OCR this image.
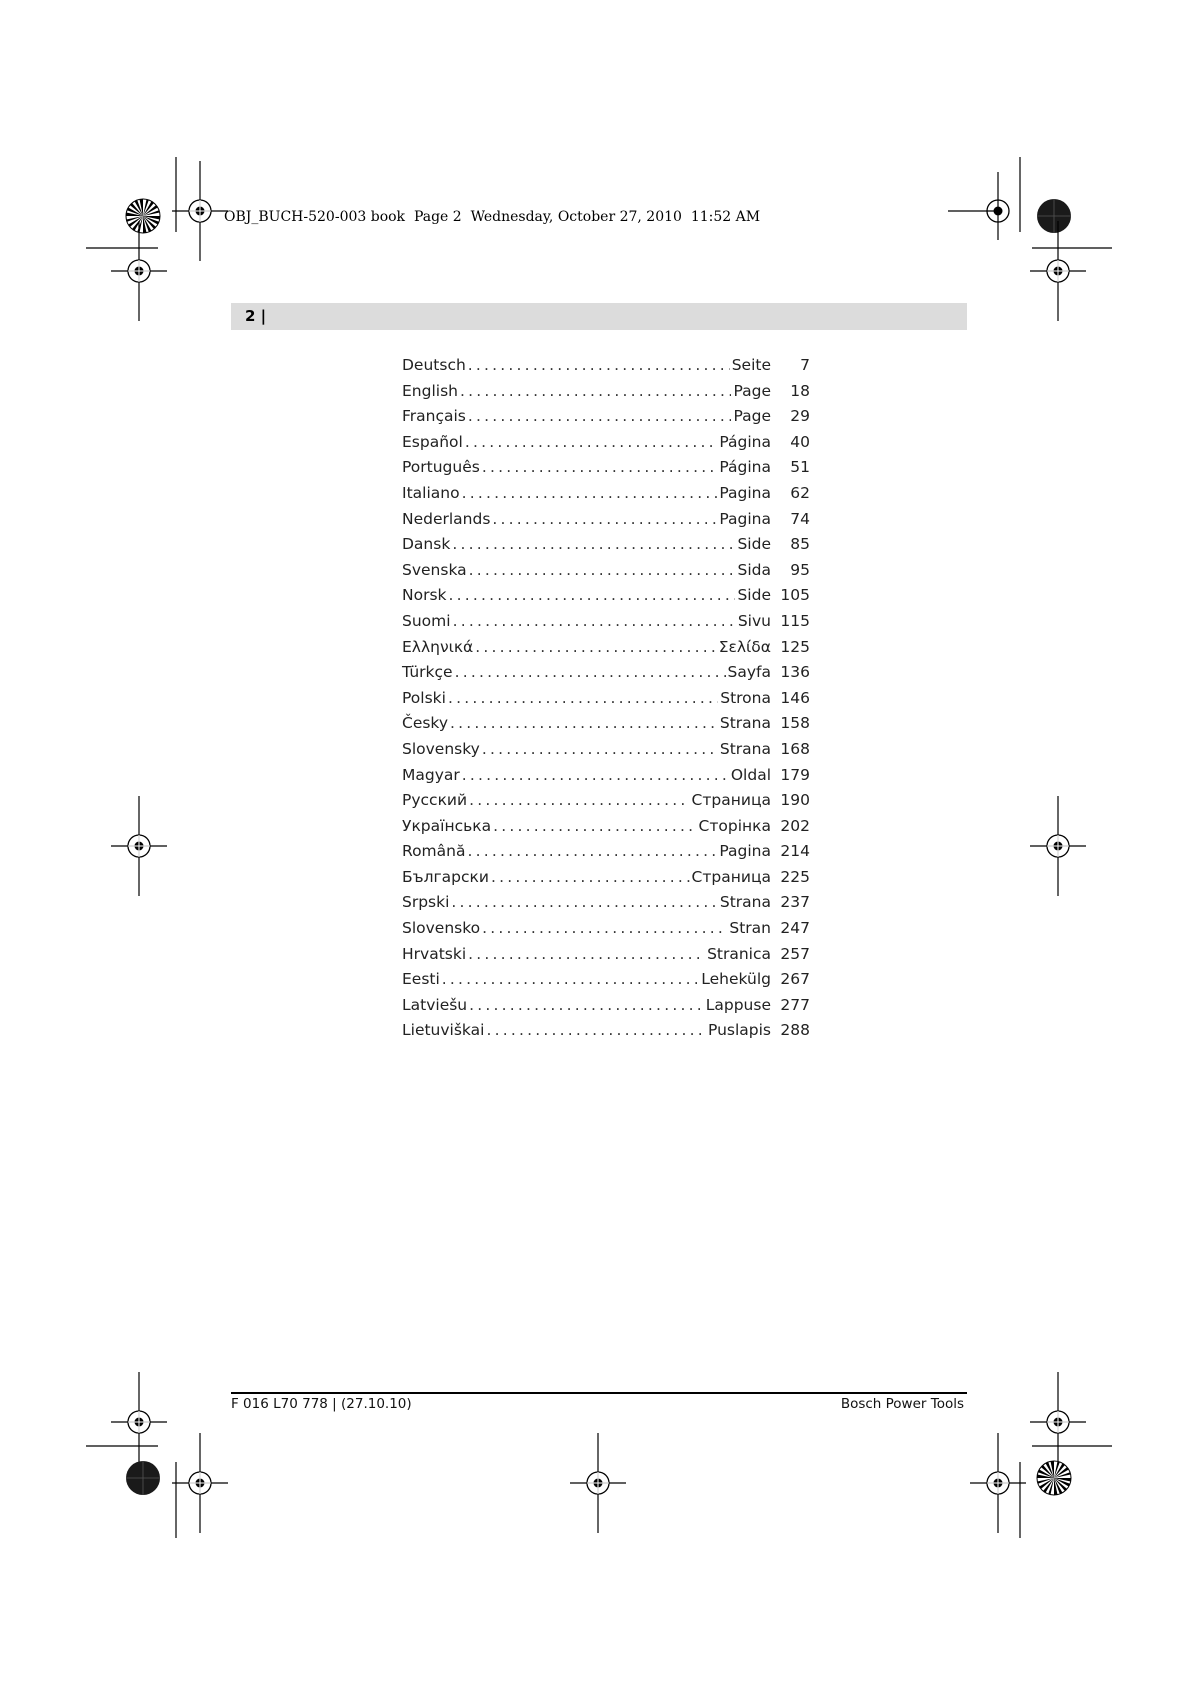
OBJ_BUCH-520-003 book  Page 2  Wednesday, October 27, 2010  11:52 AM
2 |
Deutsch .....	Seite	7
English .....	Page	18
Français .....	Page	29
Español .....	Página	40
Português .....	Página	51
Italiano .....	Pagina	62
Nederlands .....	Pagina	74
Dansk .....	Side	85
Svenska .....	Sida	95
Norsk .....	Side 105
Suomi .....	Sivu 115
Ελληνικά .....	Σελίδα 125
Türkçe .....	Sayfa 136
Polski .....	Strona 146
Česky .....	Strana 158
Slovensky .....	Strana 168
Magyar .....	Oldal 179
Русский .....	Страница 190
Українська .....	Сторінка 202
Română .....	Pagina 214
Български .....	Страница 225
Srpski .....	Strana 237
Slovensko .....	Stran 247
Hrvatski .....	Stranica 257
Eesti .....	Lehekülg 267
Latviešu .....	Lappuse 277
Lietuviškai .....	Puslapis 288
F 016 L70 778 | (27.10.10)	Bosch Power Tools
